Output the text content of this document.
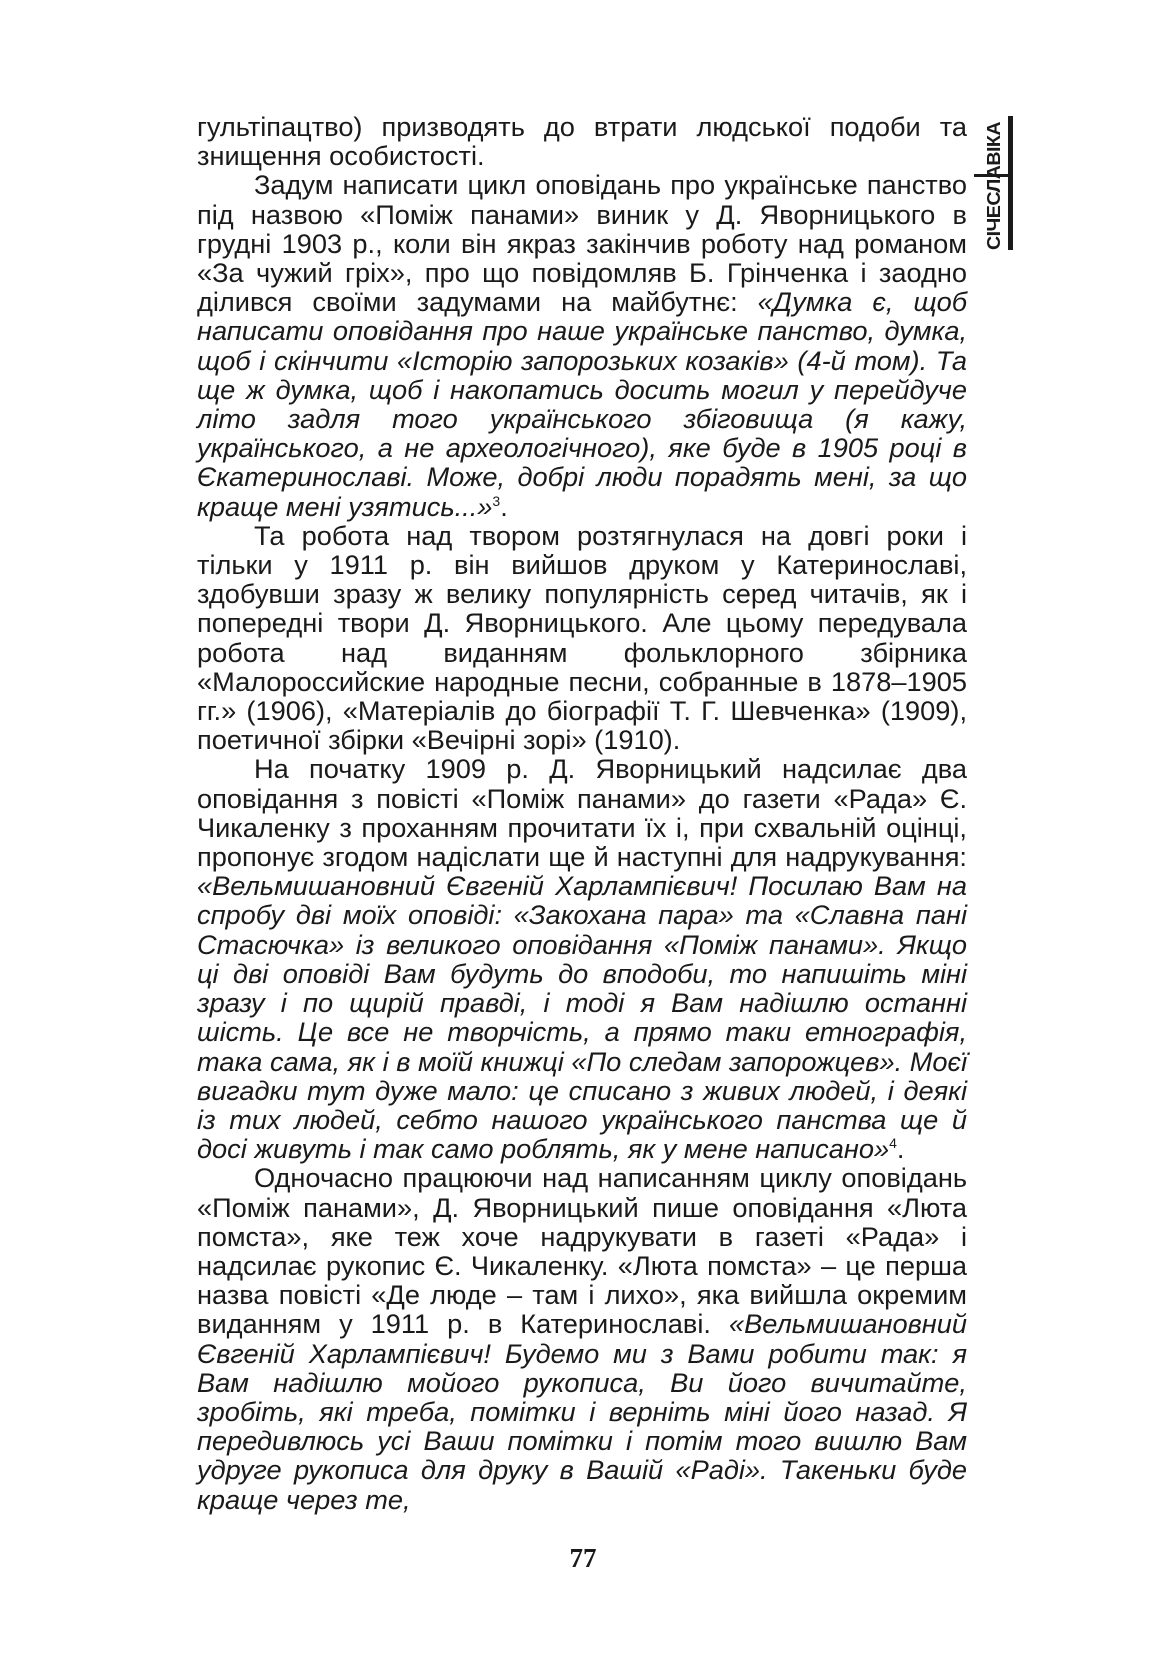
гультіпацтво) призводять до втрати людської подоби та знищення особистості.

Задум написати цикл оповідань про українське панство під назвою «Поміж панами» виник у Д. Яворницького в грудні 1903 р., коли він якраз закінчив роботу над романом «За чужий гріх», про що повідомляв Б. Грінченка і заодно ділився своїми задумами на майбутнє: «Думка є, щоб написати оповідання про наше українське панство, думка, щоб і скінчити «Історію запорозьких козаків» (4-й том). Та ще ж думка, щоб і накопатись досить могил у перейдуче літо задля того українського збіговища (я кажу, українського, а не археологічного), яке буде в 1905 році в Єкатеринославі. Може, добрі люди порадять мені, за що краще мені узятись...»$^3$.

Та робота над твором розтягнулася на довгі роки і тільки у 1911 р. він вийшов друком у Катеринославі, здобувши зразу ж велику популярність серед читачів, як і попередні твори Д. Яворницького. Але цьому передувала робота над виданням фольклорного збірника «Малороссийские народные песни, собранные в 1878–1905 гг.» (1906), «Матеріалів до біографії Т. Г. Шевченка» (1909), поетичної збірки «Вечірні зорі» (1910).

На початку 1909 р. Д. Яворницький надсилає два оповідання з повісті «Поміж панами» до газети «Рада» Є. Чикаленку з проханням прочитати їх і, при схвальній оцінці, пропонує згодом надіслати ще й наступні для надрукування: «Вельмишановний Євгеній Харлампієвич! Посилаю Вам на спробу дві моїх оповіді: «Закохана пара» та «Славна пані Стасючка» із великого оповідання «Поміж панами». Якщо ці дві оповіді Вам будуть до вподоби, то напишіть міні зразу і по щирій правді, і тоді я Вам надішлю останні шість. Це все не творчість, а прямо таки етнографія, така сама, як і в моїй книжці «По следам запорожцев». Моєї вигадки тут дуже мало: це списано з живих людей, і деякі із тих людей, себто нашого українського панства ще й досі живуть і так само роблять, як у мене написано»$^4$.

Одночасно працюючи над написанням циклу оповідань «Поміж панами», Д. Яворницький пише оповідання «Люта помста», яке теж хоче надрукувати в газеті «Рада» і надсилає рукопис Є. Чикаленку. «Люта помста» – це перша назва повісті «Де люде – там і лихо», яка вийшла окремим виданням у 1911 р. в Катеринославі. «Вельмишановний Євгеній Харлампієвич! Будемо ми з Вами робити так: я Вам надішлю мойого рукописа, Ви його вичитайте, зробіть, які треба, помітки і верніть міні його назад. Я передивлюсь усі Ваши помітки і потім того вишлю Вам удруге рукописа для друку в Вашій «Раді». Такеньки буде краще через те,

СІЧЕСЛАВІКА
77
